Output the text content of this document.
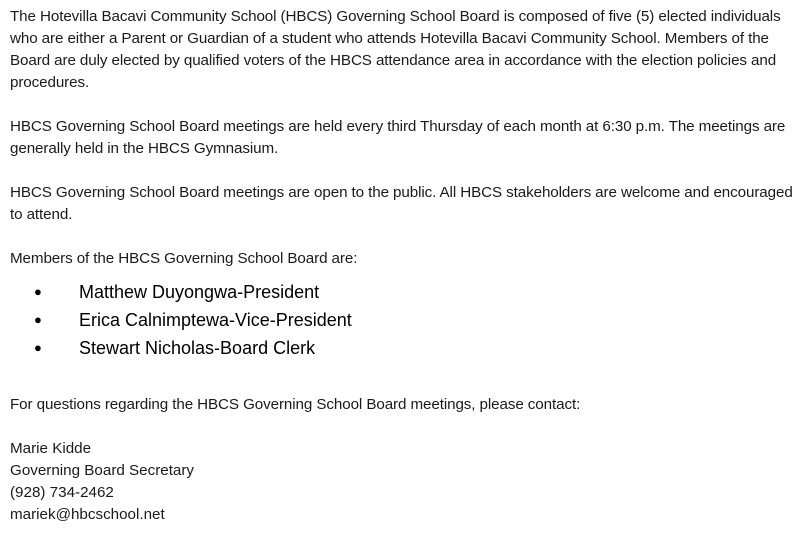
The Hotevilla Bacavi Community School (HBCS) Governing School Board is composed of five (5) elected individuals who are either a Parent or Guardian of a student who attends Hotevilla Bacavi Community School. Members of the Board are duly elected by qualified voters of the HBCS attendance area in accordance with the election policies and procedures.

HBCS Governing School Board meetings are held every third Thursday of each month at 6:30 p.m. The meetings are generally held in the HBCS Gymnasium.

HBCS Governing School Board meetings are open to the public. All HBCS stakeholders are welcome and encouraged to attend.

Members of the HBCS Governing School Board are:

● Matthew Duyongwa-President
● Erica Calnimptewa-Vice-President
● Stewart Nicholas-Board Clerk

For questions regarding the HBCS Governing School Board meetings, please contact:

Marie Kidde
Governing Board Secretary
(928) 734-2462
mariek@hbcschool.net
